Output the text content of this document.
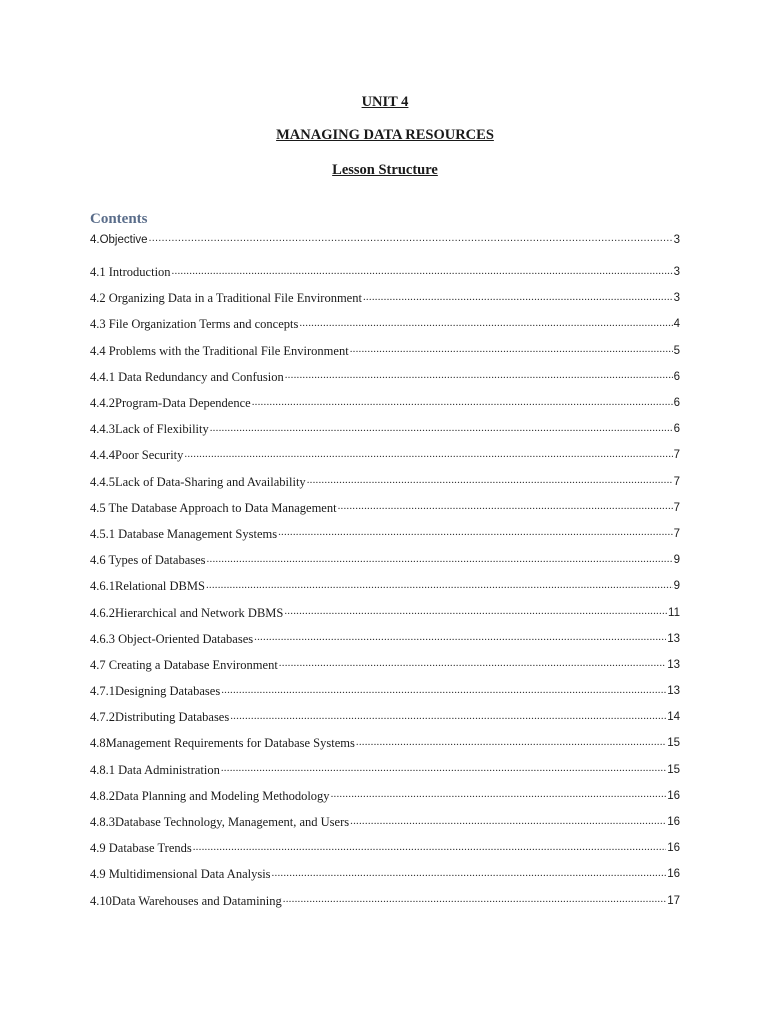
UNIT 4
MANAGING DATA RESOURCES
Lesson Structure
Contents
4.Objective .....	3
4.1 Introduction .....	3
4.2 Organizing Data in a Traditional File Environment .....	3
4.3 File Organization Terms and concepts .....	4
4.4 Problems with the Traditional File Environment .....	5
4.4.1 Data Redundancy and Confusion .....	6
4.4.2Program-Data Dependence .....	6
4.4.3Lack of Flexibility .....	6
4.4.4Poor Security .....	7
4.4.5Lack of Data-Sharing and Availability .....	7
4.5 The Database Approach to Data Management .....	7
4.5.1 Database Management Systems .....	7
4.6 Types of Databases .....	9
4.6.1Relational DBMS .....	9
4.6.2Hierarchical and Network DBMS .....	11
4.6.3 Object-Oriented Databases .....	13
4.7 Creating a Database Environment .....	13
4.7.1Designing Databases .....	13
4.7.2Distributing Databases .....	14
4.8Management Requirements for Database Systems .....	15
4.8.1 Data Administration .....	15
4.8.2Data Planning and Modeling Methodology .....	16
4.8.3Database Technology, Management, and Users .....	16
4.9 Database Trends .....	16
4.9 Multidimensional Data Analysis .....	16
4.10Data Warehouses and Datamining .....	17
